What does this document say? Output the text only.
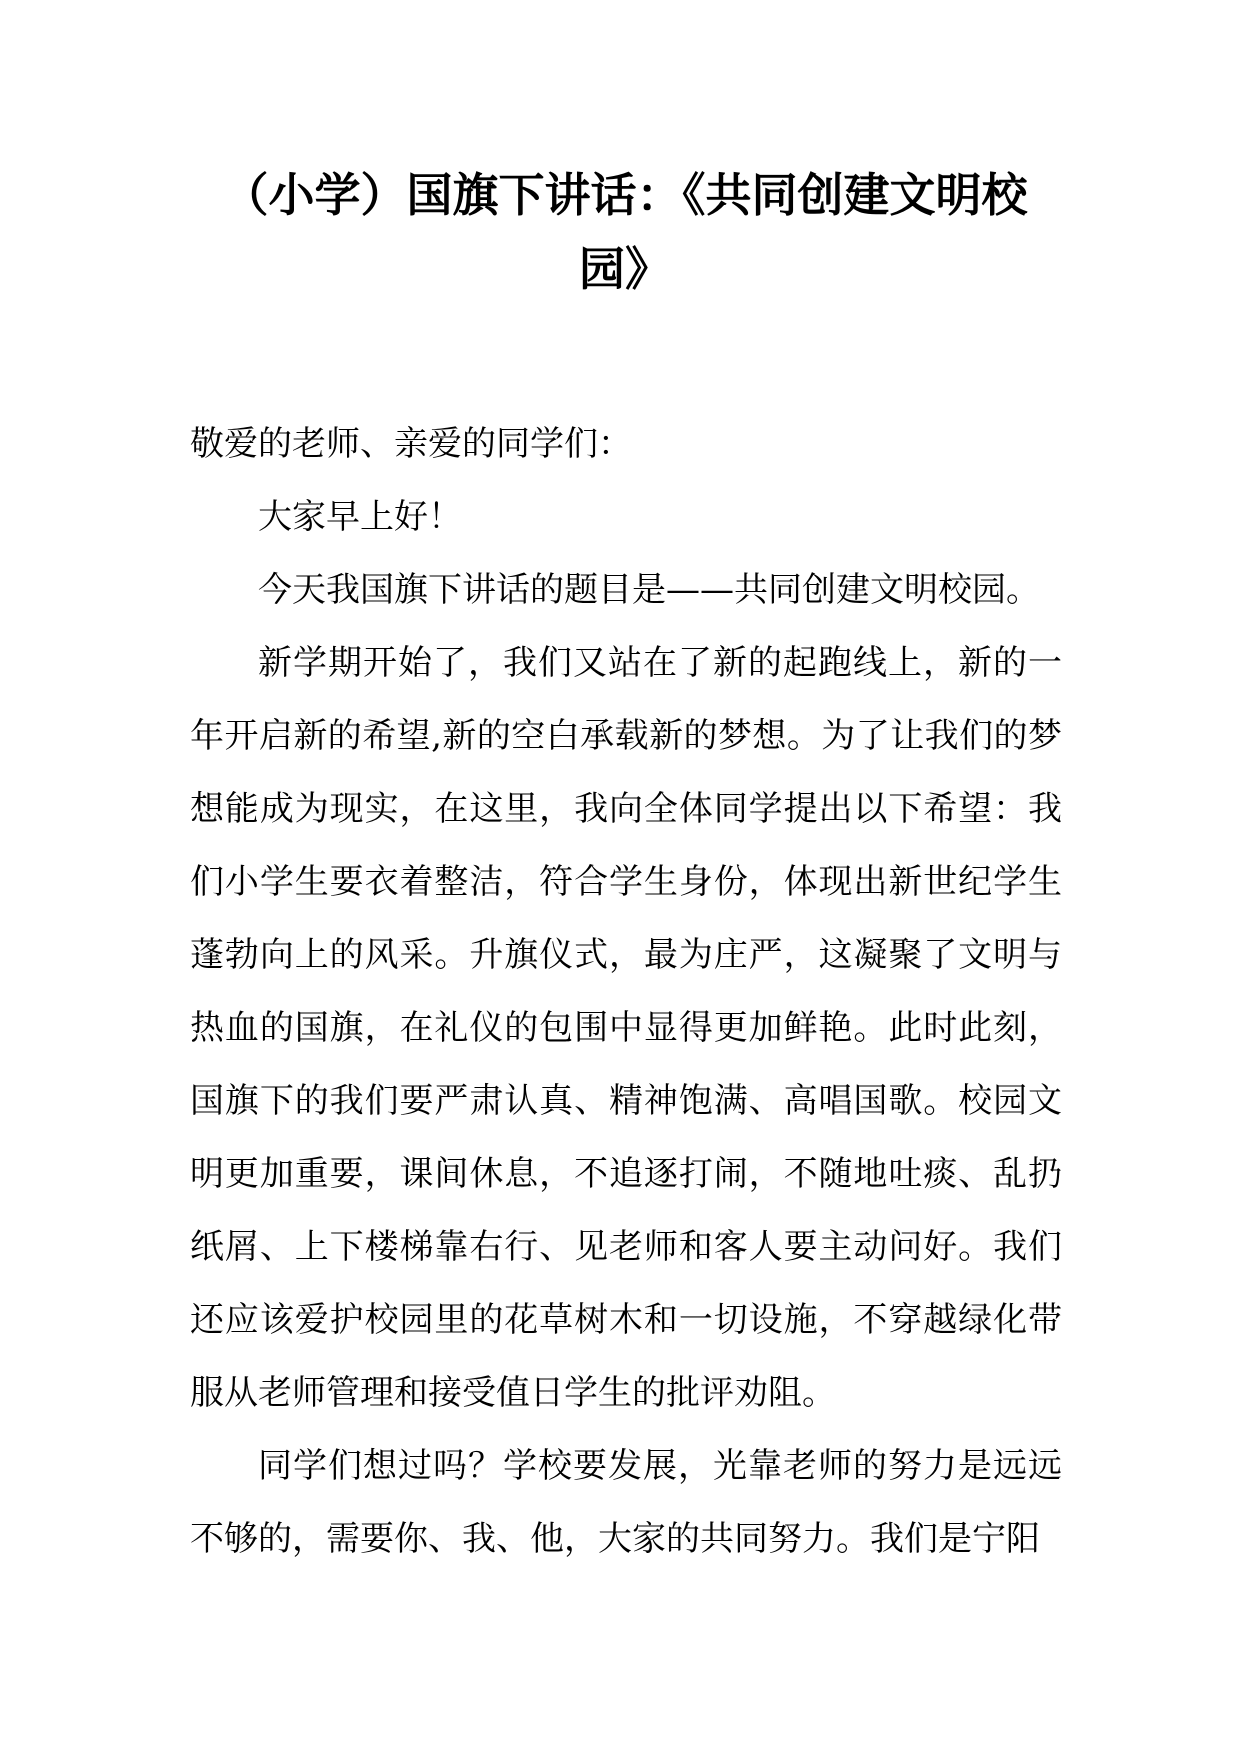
（小学）国旗下讲话：《共同创建文明校园》

敬爱的老师、亲爱的同学们：

大家早上好！

今天我国旗下讲话的题目是——共同创建文明校园。

新学期开始了，我们又站在了新的起跑线上，新的一年开启新的希望,新的空白承载新的梦想。为了让我们的梦想能成为现实，在这里，我向全体同学提出以下希望：我们小学生要衣着整洁，符合学生身份，体现出新世纪学生蓬勃向上的风采。升旗仪式，最为庄严，这凝聚了文明与热血的国旗，在礼仪的包围中显得更加鲜艳。此时此刻，国旗下的我们要严肃认真、精神饱满、高唱国歌。校园文明更加重要，课间休息，不追逐打闹，不随地吐痰、乱扔纸屑、上下楼梯靠右行、见老师和客人要主动问好。我们还应该爱护校园里的花草树木和一切设施，不穿越绿化带服从老师管理和接受值日学生的批评劝阻。

同学们想过吗？学校要发展，光靠老师的努力是远远不够的，需要你、我、他，大家的共同努力。我们是宁阳
